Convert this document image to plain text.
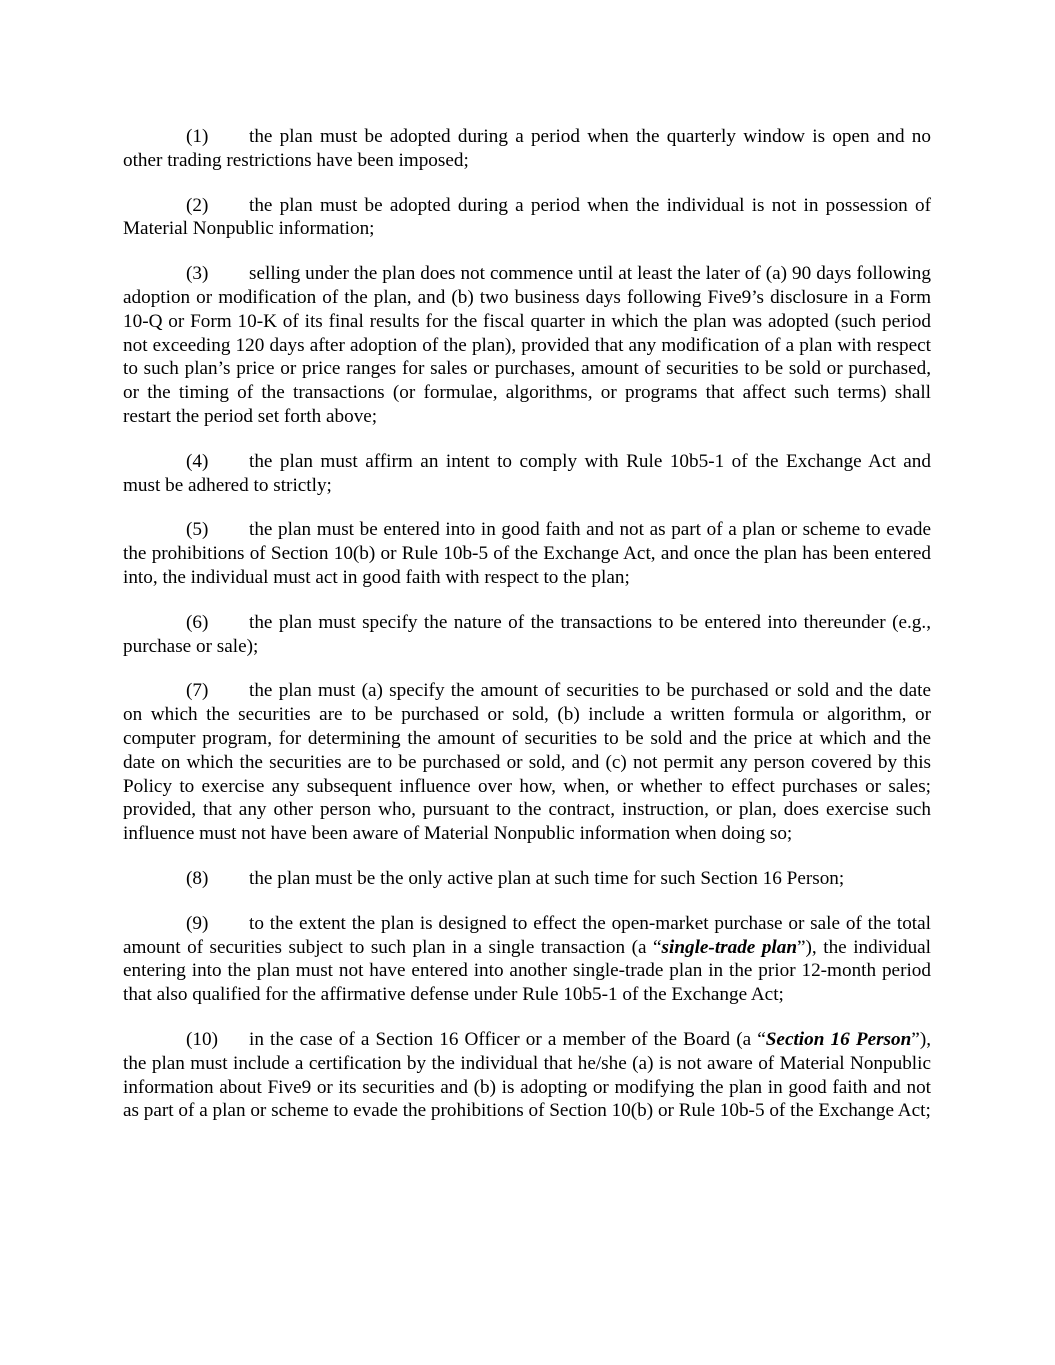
(1) the plan must be adopted during a period when the quarterly window is open and no other trading restrictions have been imposed;

(2) the plan must be adopted during a period when the individual is not in possession of Material Nonpublic information;

(3) selling under the plan does not commence until at least the later of (a) 90 days following adoption or modification of the plan, and (b) two business days following Five9’s disclosure in a Form 10-Q or Form 10-K of its final results for the fiscal quarter in which the plan was adopted (such period not exceeding 120 days after adoption of the plan), provided that any modification of a plan with respect to such plan’s price or price ranges for sales or purchases, amount of securities to be sold or purchased, or the timing of the transactions (or formulae, algorithms, or programs that affect such terms) shall restart the period set forth above;

(4) the plan must affirm an intent to comply with Rule 10b5-1 of the Exchange Act and must be adhered to strictly;

(5) the plan must be entered into in good faith and not as part of a plan or scheme to evade the prohibitions of Section 10(b) or Rule 10b-5 of the Exchange Act, and once the plan has been entered into, the individual must act in good faith with respect to the plan;

(6) the plan must specify the nature of the transactions to be entered into thereunder (e.g., purchase or sale);

(7) the plan must (a) specify the amount of securities to be purchased or sold and the date on which the securities are to be purchased or sold, (b) include a written formula or algorithm, or computer program, for determining the amount of securities to be sold and the price at which and the date on which the securities are to be purchased or sold, and (c) not permit any person covered by this Policy to exercise any subsequent influence over how, when, or whether to effect purchases or sales; provided, that any other person who, pursuant to the contract, instruction, or plan, does exercise such influence must not have been aware of Material Nonpublic information when doing so;

(8) the plan must be the only active plan at such time for such Section 16 Person;

(9) to the extent the plan is designed to effect the open-market purchase or sale of the total amount of securities subject to such plan in a single transaction (a “single-trade plan”), the individual entering into the plan must not have entered into another single-trade plan in the prior 12-month period that also qualified for the affirmative defense under Rule 10b5-1 of the Exchange Act;

(10) in the case of a Section 16 Officer or a member of the Board (a “Section 16 Person”), the plan must include a certification by the individual that he/she (a) is not aware of Material Nonpublic information about Five9 or its securities and (b) is adopting or modifying the plan in good faith and not as part of a plan or scheme to evade the prohibitions of Section 10(b) or Rule 10b-5 of the Exchange Act;
